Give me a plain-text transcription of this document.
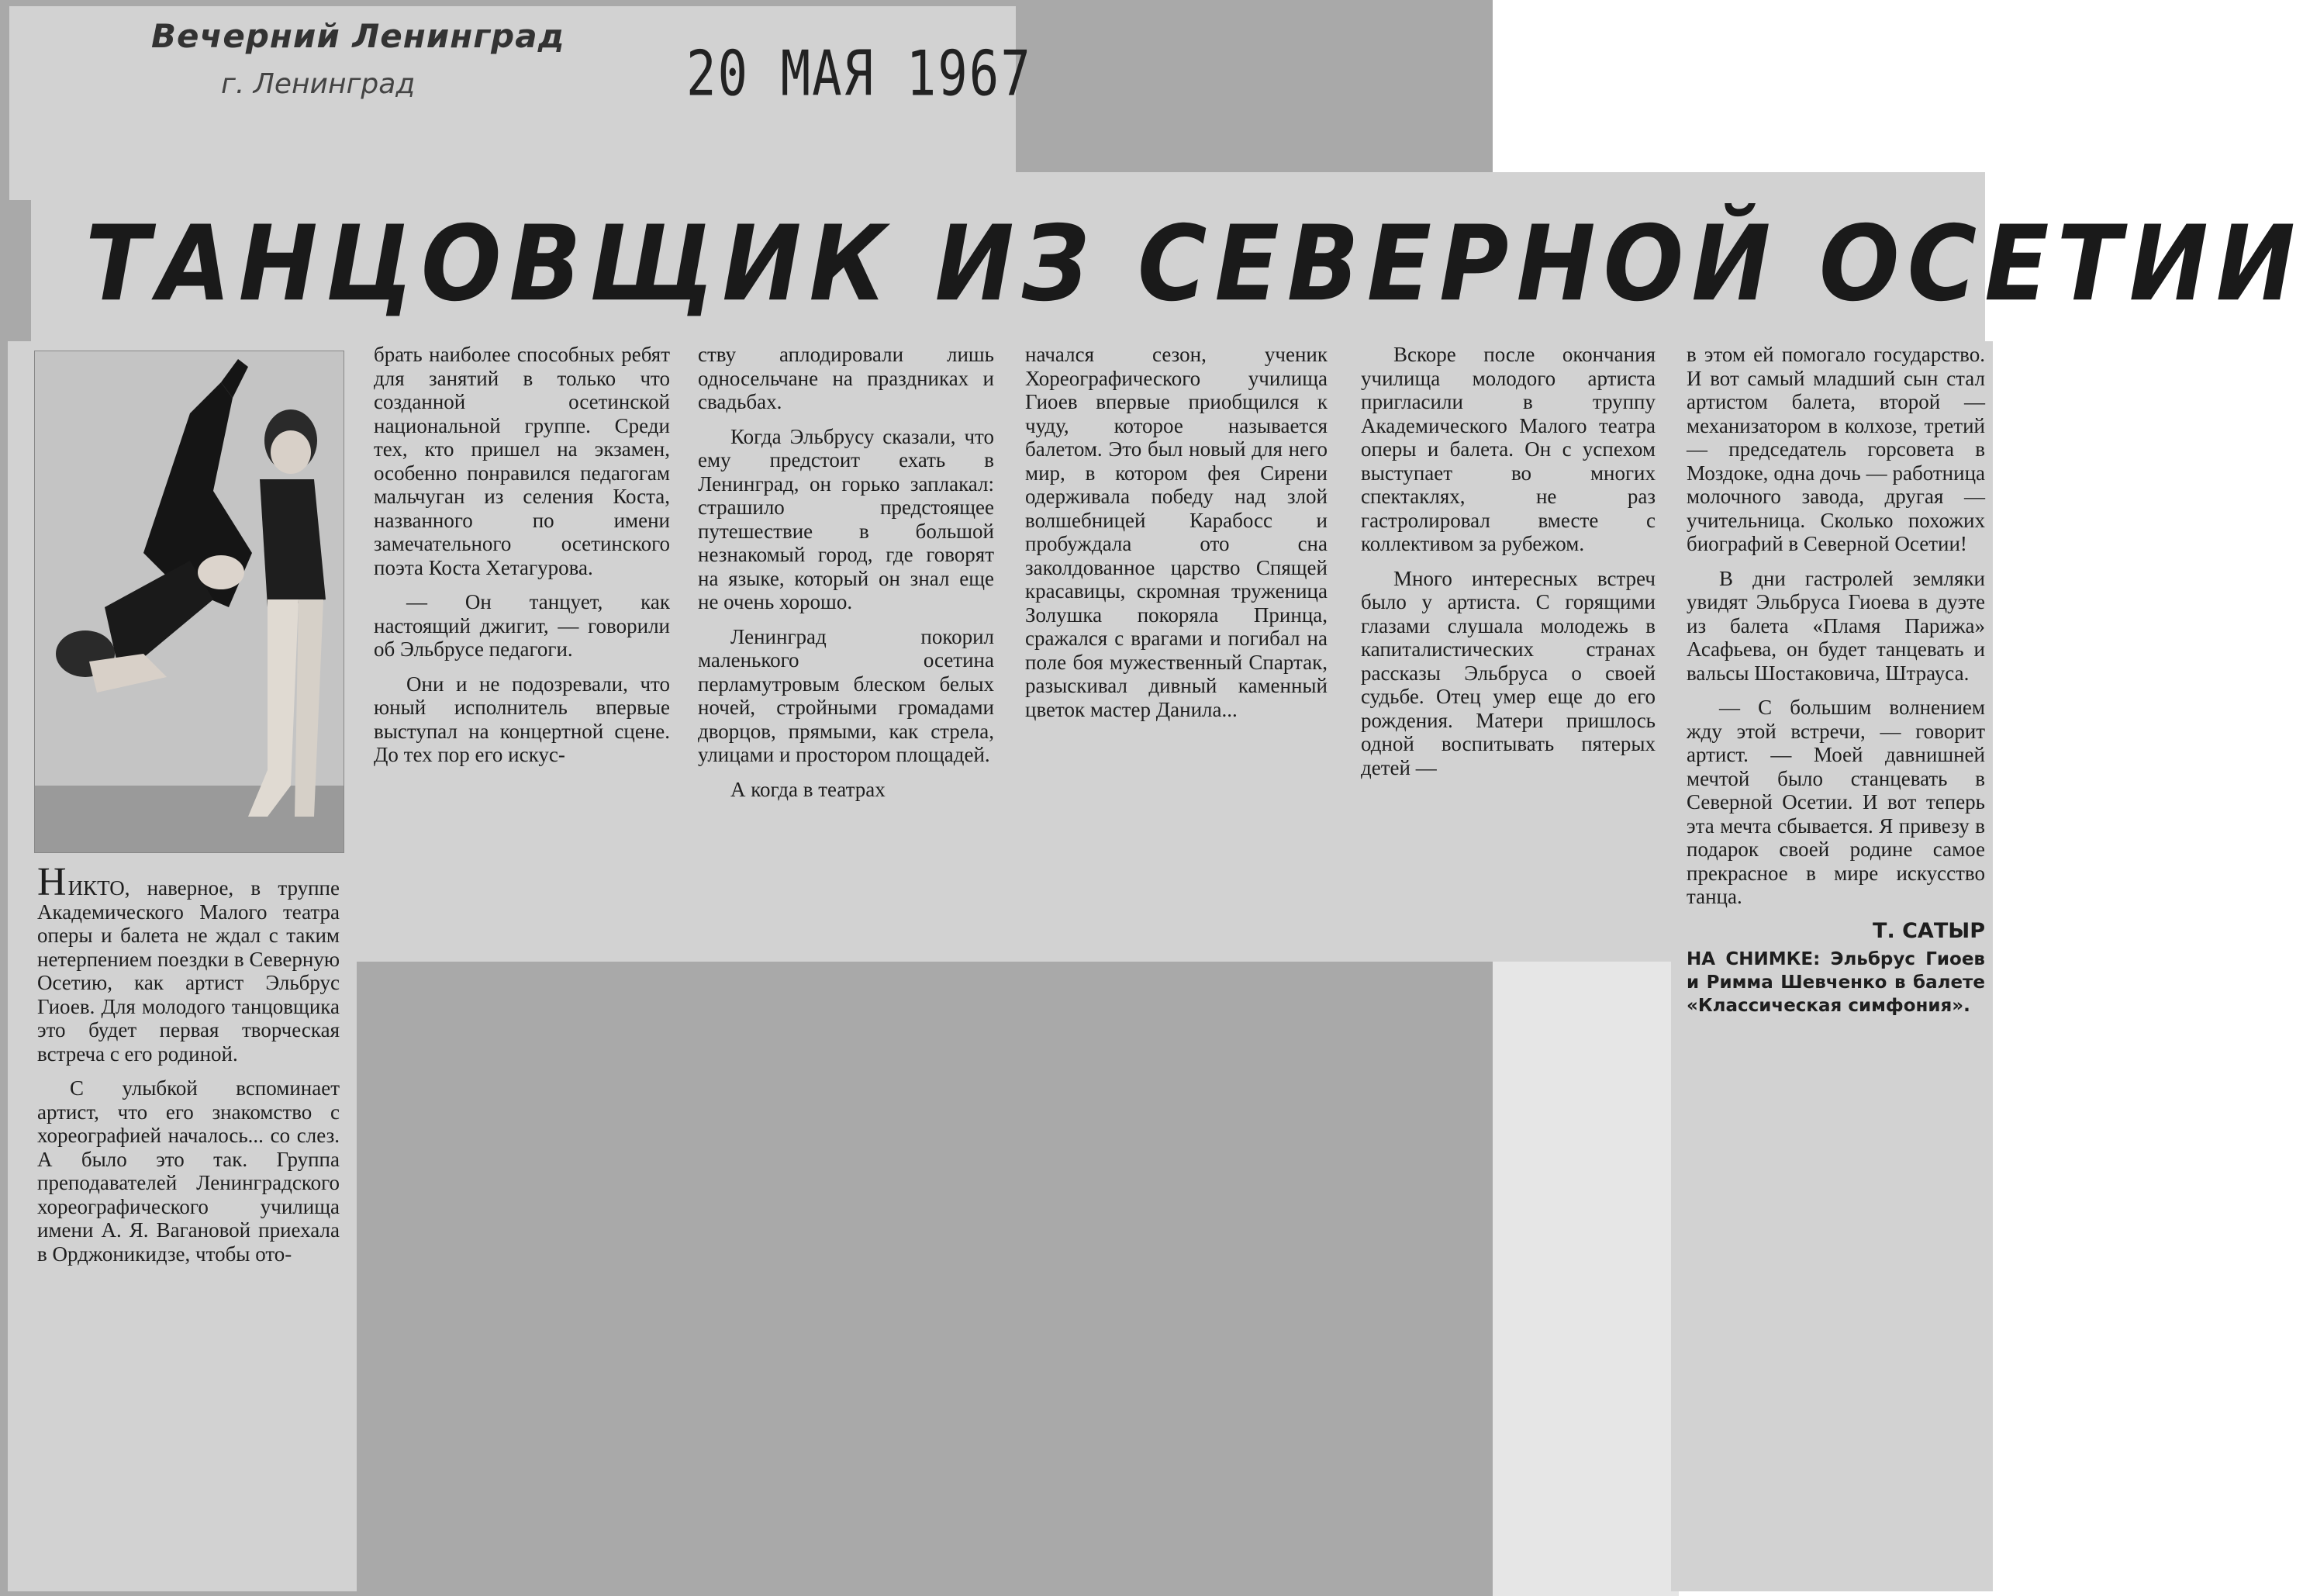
Вечерний Ленинград
г. Ленинград	20 МАЯ 1967
ТАНЦОВЩИК ИЗ СЕВЕРНОЙ ОСЕТИИ

НИКТО, наверное, в труппе Академического Малого театра оперы и балета не ждал с таким нетерпением поездки в Северную Осетию, как артист Эльбрус Гиоев. Для молодого танцовщика это будет первая творческая встреча с его родиной.

С улыбкой вспоминает артист, что его знакомство с хореографией началось... со слез. А было это так. Группа преподавателей Ленинградского хореографического училища имени А. Я. Вагановой приехала в Орджоникидзе, чтобы ото-

брать наиболее способных ребят для занятий в только что созданной осетинской национальной группе. Среди тех, кто пришел на экзамен, особенно понравился педагогам мальчуган из селения Коста, названного по имени замечательного осетинского поэта Коста Хетагурова.

— Он танцует, как настоящий джигит, — говорили об Эльбрусе педагоги.

Они и не подозревали, что юный исполнитель впервые выступал на концертной сцене. До тех пор его искус-

ству аплодировали лишь односельчане на праздниках и свадьбах.

Когда Эльбрусу сказали, что ему предстоит ехать в Ленинград, он горько заплакал: страшило предстоящее путешествие в большой незнакомый город, где говорят на языке, который он знал еще не очень хорошо.

Ленинград покорил маленького осетина перламутровым блеском белых ночей, стройными громадами дворцов, прямыми, как стрела, улицами и простором площадей.

А когда в театрах

начался сезон, ученик Хореографического училища Гиоев впервые приобщился к чуду, которое называется балетом. Это был новый для него мир, в котором фея Сирени одерживала победу над злой волшебницей Карабосс и пробуждала ото сна заколдованное царство Спящей красавицы, скромная труженица Золушка покоряла Принца, сражался с врагами и погибал на поле боя мужественный Спартак, разыскивал дивный каменный цветок мастер Данила...

Вскоре после окончания училища молодого артиста пригласили в труппу Академического Малого театра оперы и балета. Он с успехом выступает во многих спектаклях, не раз гастролировал вместе с коллективом за рубежом.

Много интересных встреч было у артиста. С горящими глазами слушала молодежь в капиталистических странах рассказы Эльбруса о своей судьбе. Отец умер еще до его рождения. Матери пришлось одной воспитывать пятерых детей —

в этом ей помогало государство. И вот самый младший сын стал артистом балета, второй — механизатором в колхозе, третий — председатель горсовета в Моздоке, одна дочь — работница молочного завода, другая — учительница. Сколько похожих биографий в Северной Осетии!

В дни гастролей земляки увидят Эльбруса Гиоева в дуэте из балета «Пламя Парижа» Асафьева, он будет танцевать и вальсы Шостаковича, Штрауса.

— С большим волнением жду этой встречи, — говорит артист. — Моей давнишней мечтой было станцевать в Северной Осетии. И вот теперь эта мечта сбывается. Я привезу в подарок своей родине самое прекрасное в мире искусство танца.

Т. САТЫР

НА СНИМКЕ: Эльбрус Гиоев и Римма Шевченко в балете «Классическая симфония».
